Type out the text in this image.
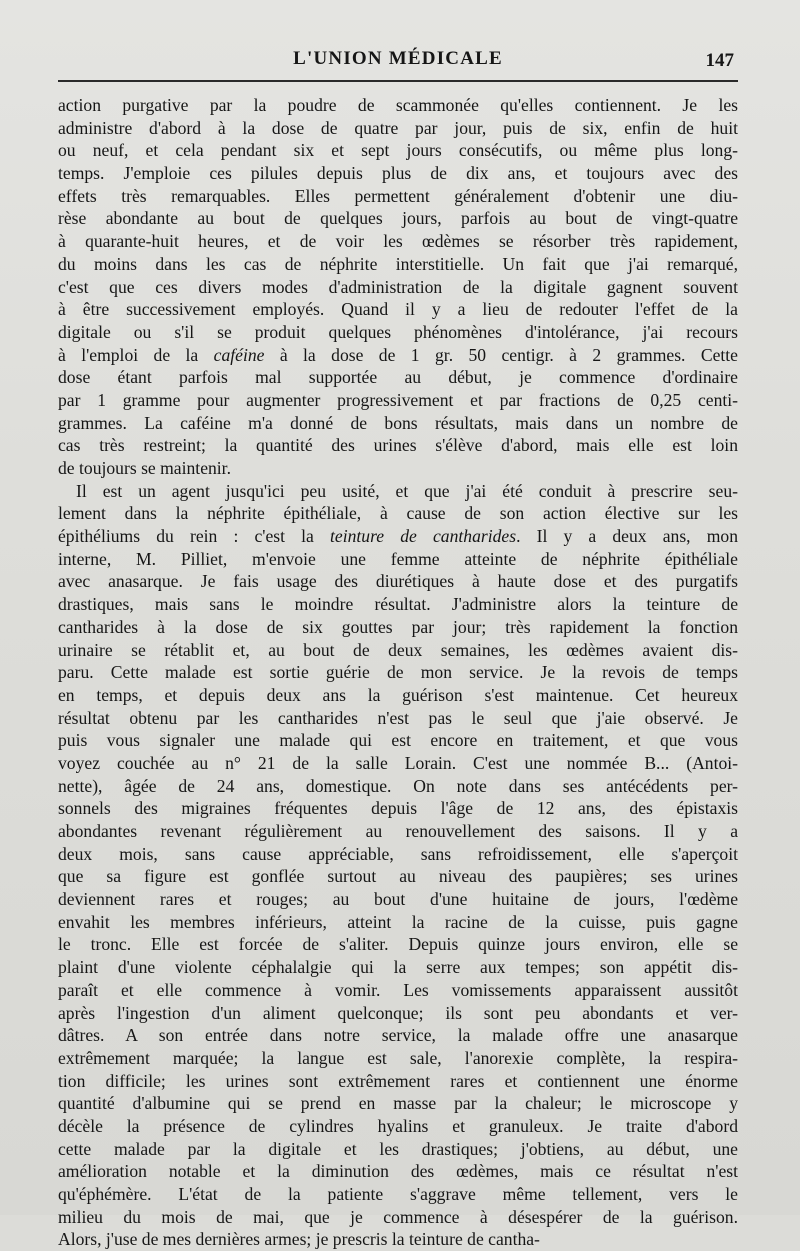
L'UNION MÉDICALE	147
action purgative par la poudre de scammonée qu'elles contiennent. Je les
administre d'abord à la dose de quatre par jour, puis de six, enfin de huit
ou neuf, et cela pendant six et sept jours consécutifs, ou même plus long-
temps. J'emploie ces pilules depuis plus de dix ans, et toujours avec des
effets très remarquables. Elles permettent généralement d'obtenir une diu-
rèse abondante au bout de quelques jours, parfois au bout de vingt-quatre
à quarante-huit heures, et de voir les œdèmes se résorber très rapidement,
du moins dans les cas de néphrite interstitielle. Un fait que j'ai remarqué,
c'est que ces divers modes d'administration de la digitale gagnent souvent
à être successivement employés. Quand il y a lieu de redouter l'effet de la
digitale ou s'il se produit quelques phénomènes d'intolérance, j'ai recours
à l'emploi de la caféine à la dose de 1 gr. 50 centigr. à 2 grammes. Cette
dose étant parfois mal supportée au début, je commence d'ordinaire
par 1 gramme pour augmenter progressivement et par fractions de 0,25 centi-
grammes. La caféine m'a donné de bons résultats, mais dans un nombre de
cas très restreint; la quantité des urines s'élève d'abord, mais elle est loin
de toujours se maintenir.
Il est un agent jusqu'ici peu usité, et que j'ai été conduit à prescrire seu-
lement dans la néphrite épithéliale, à cause de son action élective sur les
épithéliums du rein : c'est la teinture de cantharides. Il y a deux ans, mon
interne, M. Pilliet, m'envoie une femme atteinte de néphrite épithéliale
avec anasarque. Je fais usage des diurétiques à haute dose et des purgatifs
drastiques, mais sans le moindre résultat. J'administre alors la teinture de
cantharides à la dose de six gouttes par jour; très rapidement la fonction
urinaire se rétablit et, au bout de deux semaines, les œdèmes avaient dis-
paru. Cette malade est sortie guérie de mon service. Je la revois de temps
en temps, et depuis deux ans la guérison s'est maintenue. Cet heureux
résultat obtenu par les cantharides n'est pas le seul que j'aie observé. Je
puis vous signaler une malade qui est encore en traitement, et que vous
voyez couchée au n° 21 de la salle Lorain. C'est une nommée B... (Antoi-
nette), âgée de 24 ans, domestique. On note dans ses antécédents per-
sonnels des migraines fréquentes depuis l'âge de 12 ans, des épistaxis
abondantes revenant régulièrement au renouvellement des saisons. Il y a
deux mois, sans cause appréciable, sans refroidissement, elle s'aperçoit
que sa figure est gonflée surtout au niveau des paupières; ses urines
deviennent rares et rouges; au bout d'une huitaine de jours, l'œdème
envahit les membres inférieurs, atteint la racine de la cuisse, puis gagne
le tronc. Elle est forcée de s'aliter. Depuis quinze jours environ, elle se
plaint d'une violente céphalalgie qui la serre aux tempes; son appétit dis-
paraît et elle commence à vomir. Les vomissements apparaissent aussitôt
après l'ingestion d'un aliment quelconque; ils sont peu abondants et ver-
dâtres. A son entrée dans notre service, la malade offre une anasarque
extrêmement marquée; la langue est sale, l'anorexie complète, la respira-
tion difficile; les urines sont extrêmement rares et contiennent une énorme
quantité d'albumine qui se prend en masse par la chaleur; le microscope y
décèle la présence de cylindres hyalins et granuleux. Je traite d'abord
cette malade par la digitale et les drastiques; j'obtiens, au début, une
amélioration notable et la diminution des œdèmes, mais ce résultat n'est
qu'éphémère. L'état de la patiente s'aggrave même tellement, vers le
milieu du mois de mai, que je commence à désespérer de la guérison.
Alors, j'use de mes dernières armes; je prescris la teinture de cantha-
